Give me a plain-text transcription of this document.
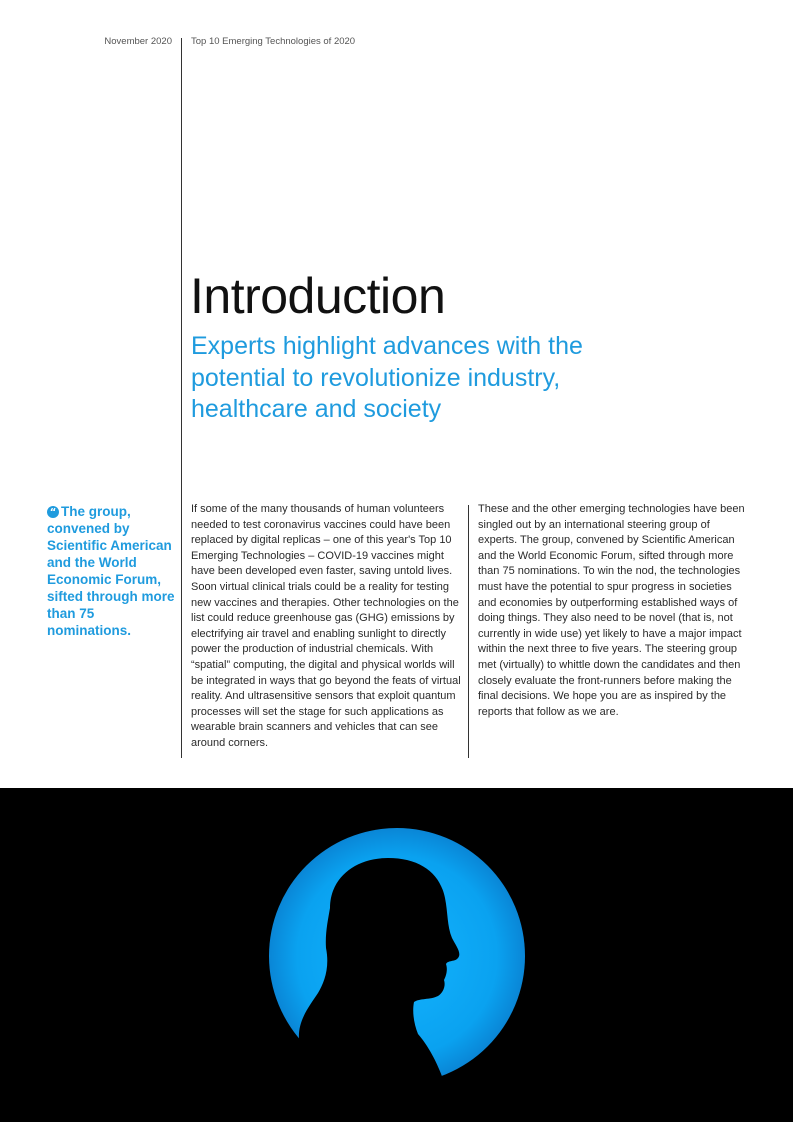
November 2020 Top 10 Emerging Technologies of 2020
Introduction
Experts highlight advances with the potential to revolutionize industry, healthcare and society
“ The group, convened by Scientific American and the World Economic Forum, sifted through more than 75 nominations.

If some of the many thousands of human volunteers needed to test coronavirus vaccines could have been replaced by digital replicas – one of this year's Top 10 Emerging Technologies – COVID-19 vaccines might have been developed even faster, saving untold lives. Soon virtual clinical trials could be a reality for testing new vaccines and therapies. Other technologies on the list could reduce greenhouse gas (GHG) emissions by electrifying air travel and enabling sunlight to directly power the production of industrial chemicals. With “spatial” computing, the digital and physical worlds will be integrated in ways that go beyond the feats of virtual reality. And ultrasensitive sensors that exploit quantum processes will set the stage for such applications as wearable brain scanners and vehicles that can see around corners.

These and the other emerging technologies have been singled out by an international steering group of experts. The group, convened by Scientific American and the World Economic Forum, sifted through more than 75 nominations. To win the nod, the technologies must have the potential to spur progress in societies and economies by outperforming established ways of doing things. They also need to be novel (that is, not currently in wide use) yet likely to have a major impact within the next three to five years. The steering group met (virtually) to whittle down the candidates and then closely evaluate the front-runners before making the final decisions. We hope you are as inspired by the reports that follow as we are.
